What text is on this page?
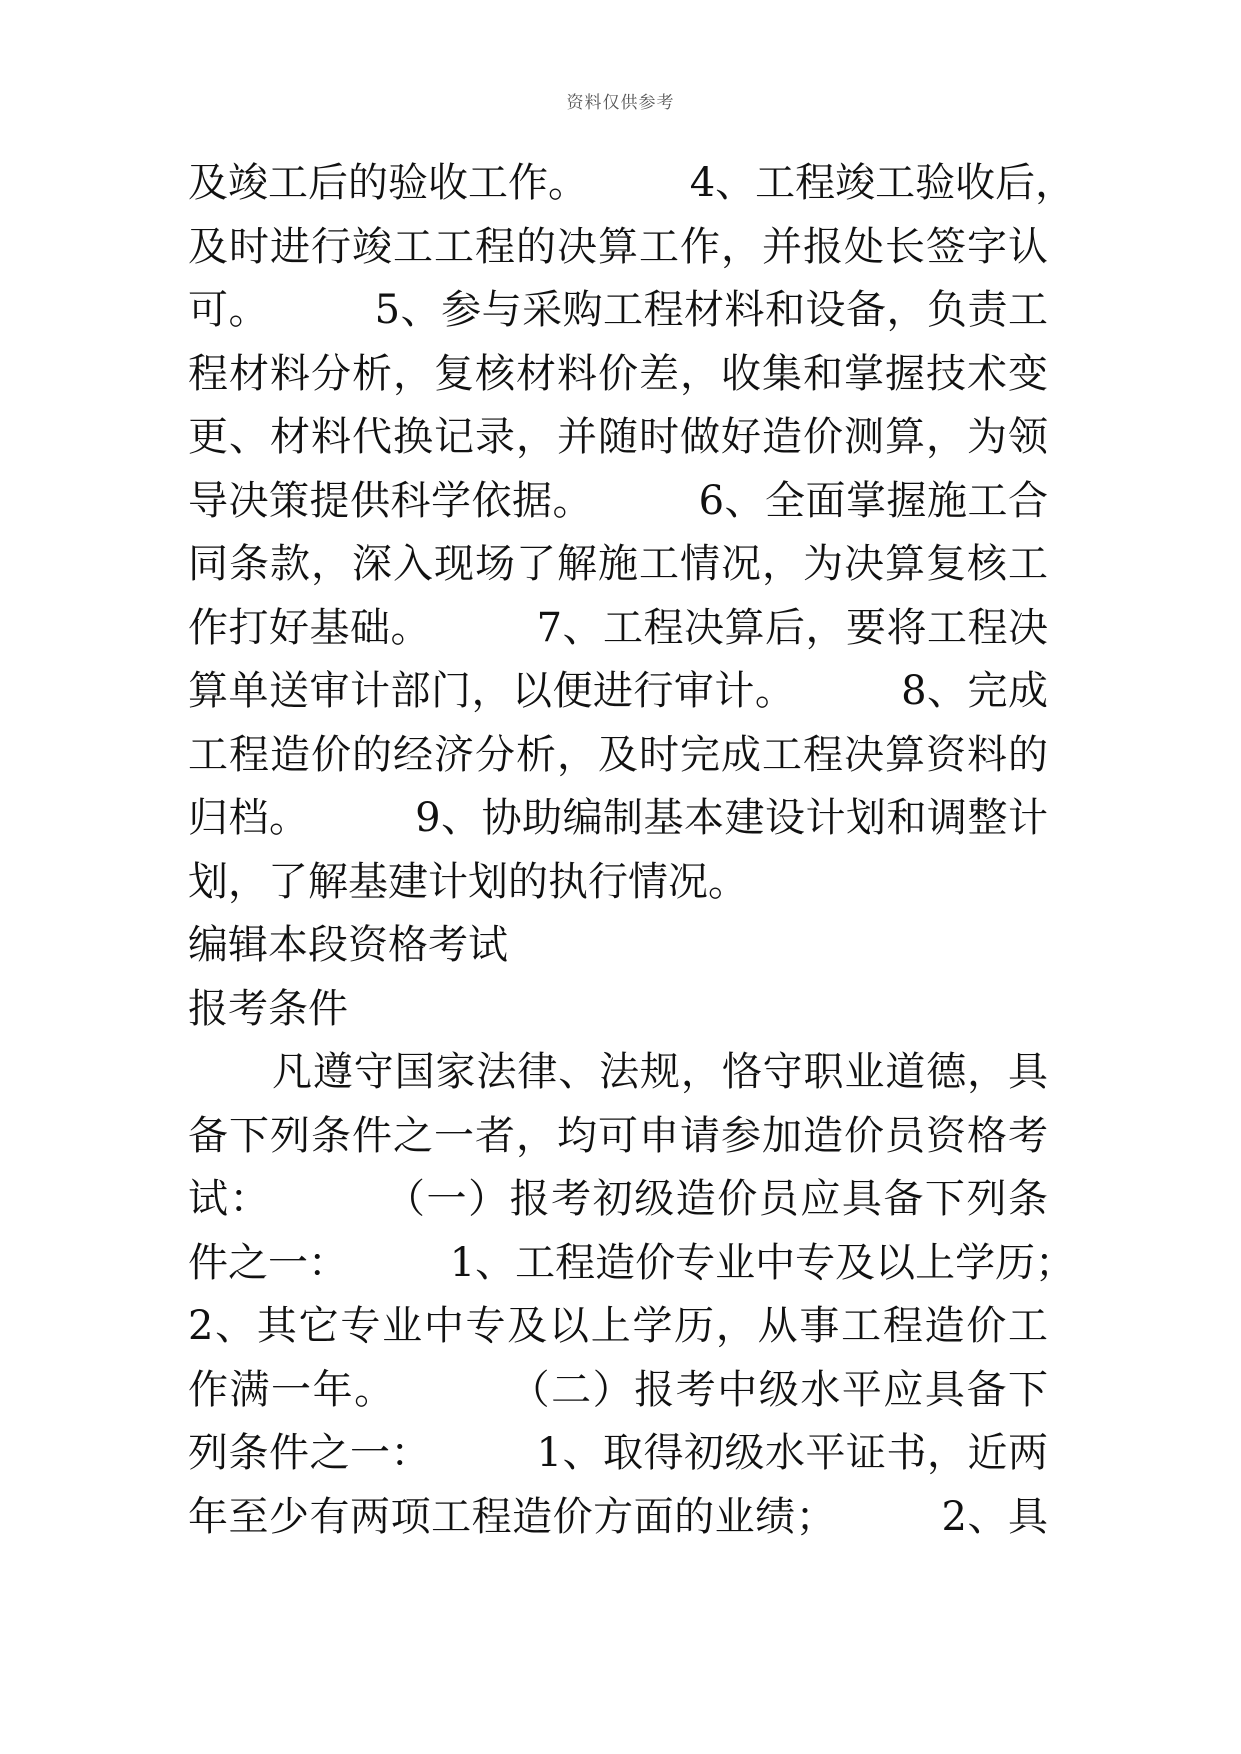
资料仅供参考
及竣工后的验收工作。        4、工程竣工验收后，
及时进行竣工工程的决算工作，并报处长签字认
可。        5、参与采购工程材料和设备，负责工
程材料分析，复核材料价差，收集和掌握技术变
更、材料代换记录，并随时做好造价测算，为领
导决策提供科学依据。        6、全面掌握施工合
同条款，深入现场了解施工情况，为决算复核工
作打好基础。        7、工程决算后，要将工程决
算单送审计部门，以便进行审计。        8、完成
工程造价的经济分析，及时完成工程决算资料的
归档。        9、协助编制基本建设计划和调整计
划，了解基建计划的执行情况。
编辑本段资格考试
报考条件
凡遵守国家法律、法规，恪守职业道德，具
备下列条件之一者，均可申请参加造价员资格考
试：        （一）报考初级造价员应具备下列条
件之一：        1、工程造价专业中专及以上学历；
2、其它专业中专及以上学历，从事工程造价工
作满一年。        （二）报考中级水平应具备下
列条件之一：        1、取得初级水平证书，近两
年至少有两项工程造价方面的业绩；        2、具
